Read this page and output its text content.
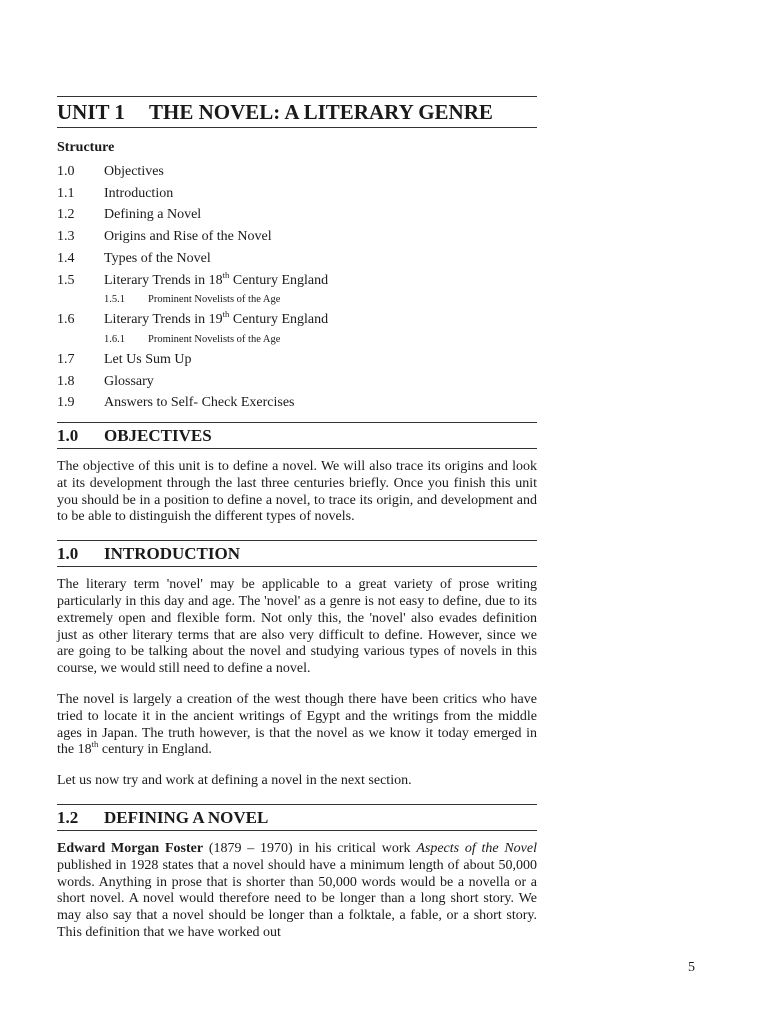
UNIT 1	THE NOVEL: A LITERARY GENRE
Structure
1.0	Objectives
1.1	Introduction
1.2	Defining a Novel
1.3	Origins and Rise of the Novel
1.4	Types of the Novel
1.5	Literary Trends in 18th Century England
1.5.1	Prominent Novelists of the Age
1.6	Literary Trends in 19th Century England
1.6.1	Prominent Novelists of the Age
1.7	Let Us Sum Up
1.8	Glossary
1.9	Answers to Self- Check Exercises
1.0	OBJECTIVES

The objective of this unit is to define a novel. We will also trace its origins and look at its development through the last three centuries briefly. Once you finish this unit you should be in a position to define a novel, to trace its origin, and development and to be able to distinguish the different types of novels.

1.0	INTRODUCTION

The literary term 'novel' may be applicable to a great variety of prose writing particularly in this day and age. The 'novel' as a genre is not easy to define, due to its extremely open and flexible form. Not only this, the 'novel' also evades definition just as other literary terms that are also very difficult to define. However, since we are going to be talking about the novel and studying various types of novels in this course, we would still need to define a novel.

The novel is largely a creation of the west though there have been critics who have tried to locate it in the ancient writings of Egypt and the writings from the middle ages in Japan. The truth however, is that the novel as we know it today emerged in the 18th century in England.

Let us now try and work at defining a novel in the next section.

1.2	DEFINING A NOVEL

Edward Morgan Foster (1879 – 1970) in his critical work Aspects of the Novel published in 1928 states that a novel should have a minimum length of about 50,000 words. Anything in prose that is shorter than 50,000 words would be a novella or a short novel. A novel would therefore need to be longer than a long short story. We may also say that a novel should be longer than a folktale, a fable, or a short story. This definition that we have worked out

5
